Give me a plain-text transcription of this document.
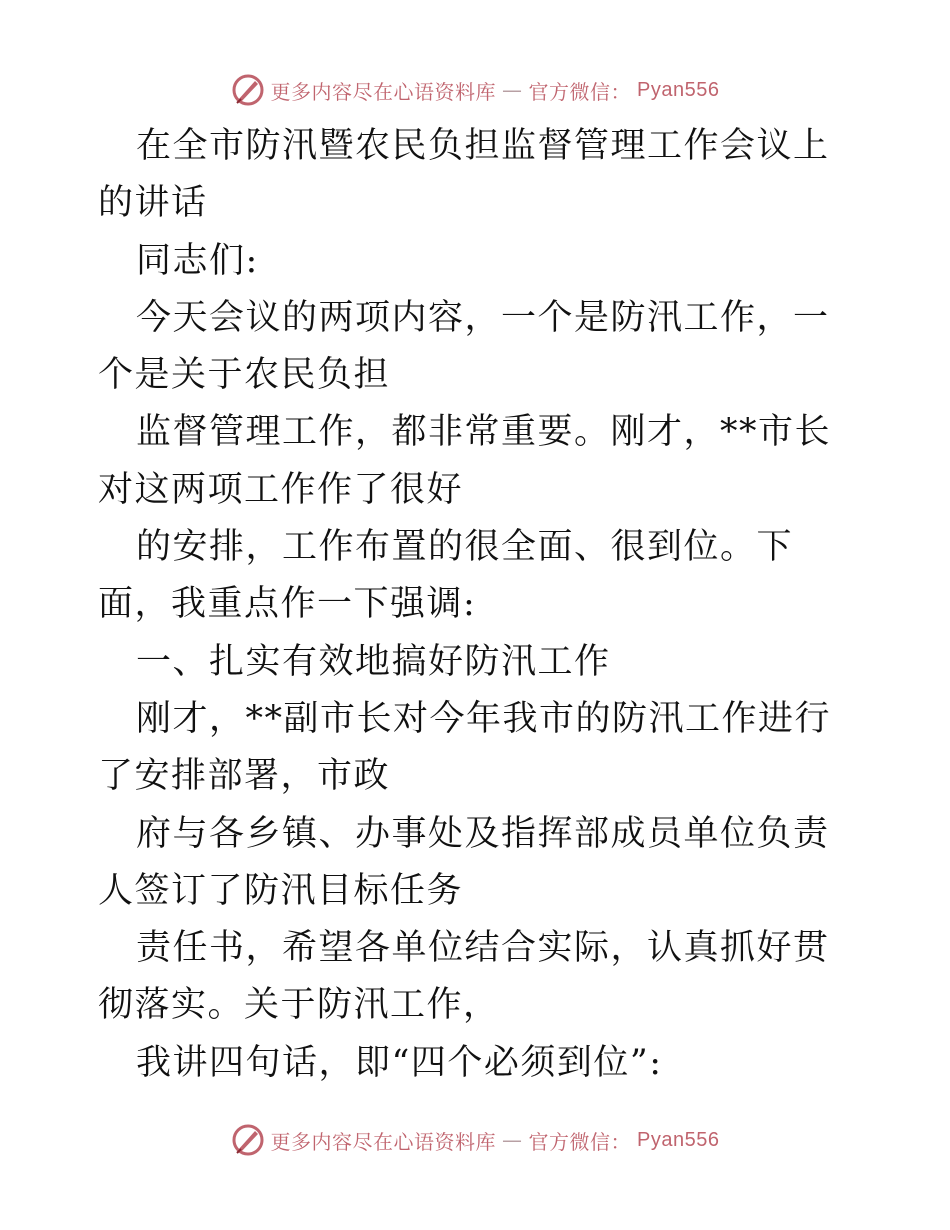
更多内容尽在心语资料库 — 官方微信： Pyan556

在全市防汛暨农民负担监督管理工作会议上的讲话

同志们:

今天会议的两项内容，一个是防汛工作，一个是关于农民负担

监督管理工作，都非常重要。刚才，**市长对这两项工作作了很好

的安排，工作布置的很全面、很到位。下面，我重点作一下强调:

一、扎实有效地搞好防汛工作

刚才，**副市长对今年我市的防汛工作进行了安排部署，市政

府与各乡镇、办事处及指挥部成员单位负责人签订了防汛目标任务

责任书，希望各单位结合实际，认真抓好贯彻落实。关于防汛工作，

我讲四句话，即“四个必须到位”:

更多内容尽在心语资料库 — 官方微信： Pyan556
